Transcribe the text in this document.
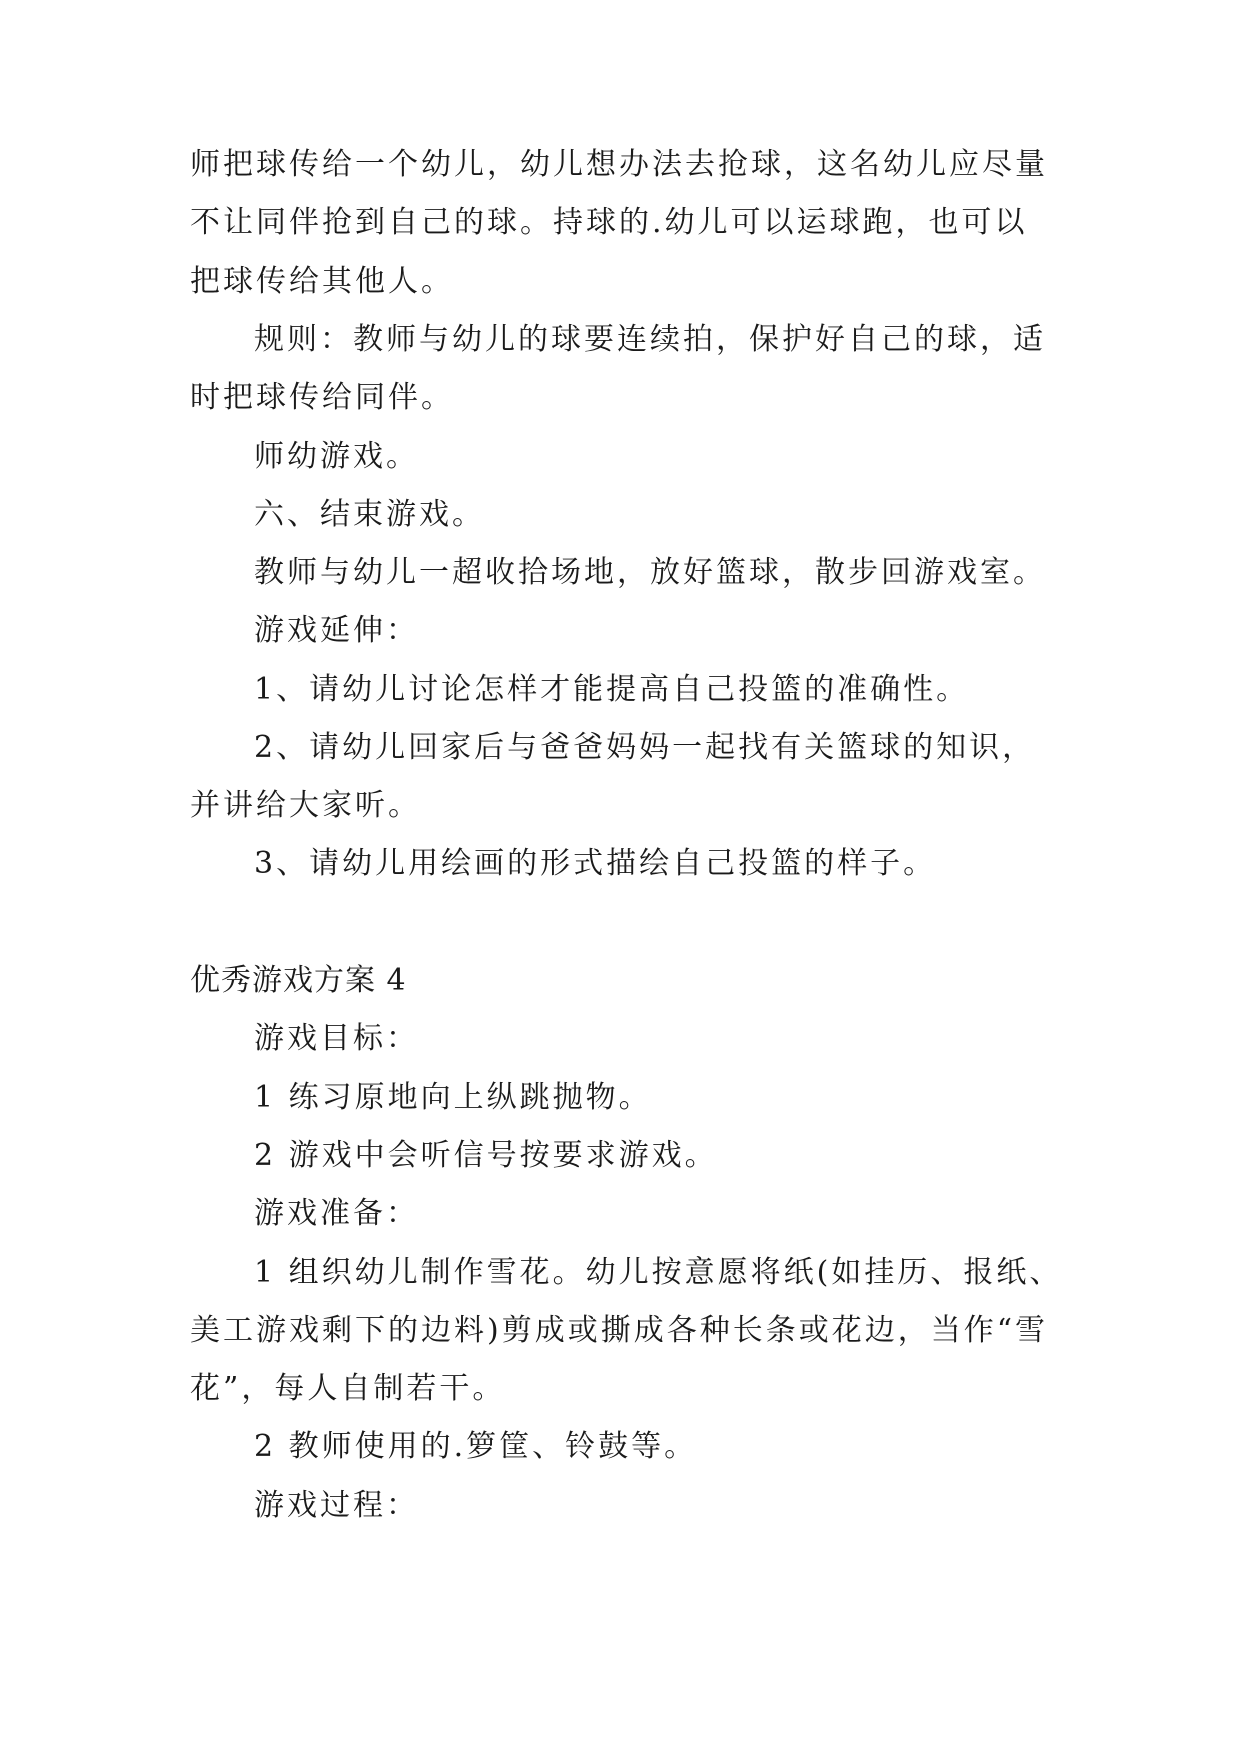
师把球传给一个幼儿，幼儿想办法去抢球，这名幼儿应尽量
不让同伴抢到自己的球。持球的.幼儿可以运球跑，也可以
把球传给其他人。
规则：教师与幼儿的球要连续拍，保护好自己的球，适
时把球传给同伴。
师幼游戏。
六、结束游戏。
教师与幼儿一超收拾场地，放好篮球，散步回游戏室。
游戏延伸：
1、请幼儿讨论怎样才能提高自己投篮的准确性。
2、请幼儿回家后与爸爸妈妈一起找有关篮球的知识，
并讲给大家听。
3、请幼儿用绘画的形式描绘自己投篮的样子。
优秀游戏方案 4
游戏目标：
1 练习原地向上纵跳抛物。
2 游戏中会听信号按要求游戏。
游戏准备：
1 组织幼儿制作雪花。幼儿按意愿将纸(如挂历、报纸、
美工游戏剩下的边料)剪成或撕成各种长条或花边，当作“雪
花”，每人自制若干。
2 教师使用的.箩筐、铃鼓等。
游戏过程：
